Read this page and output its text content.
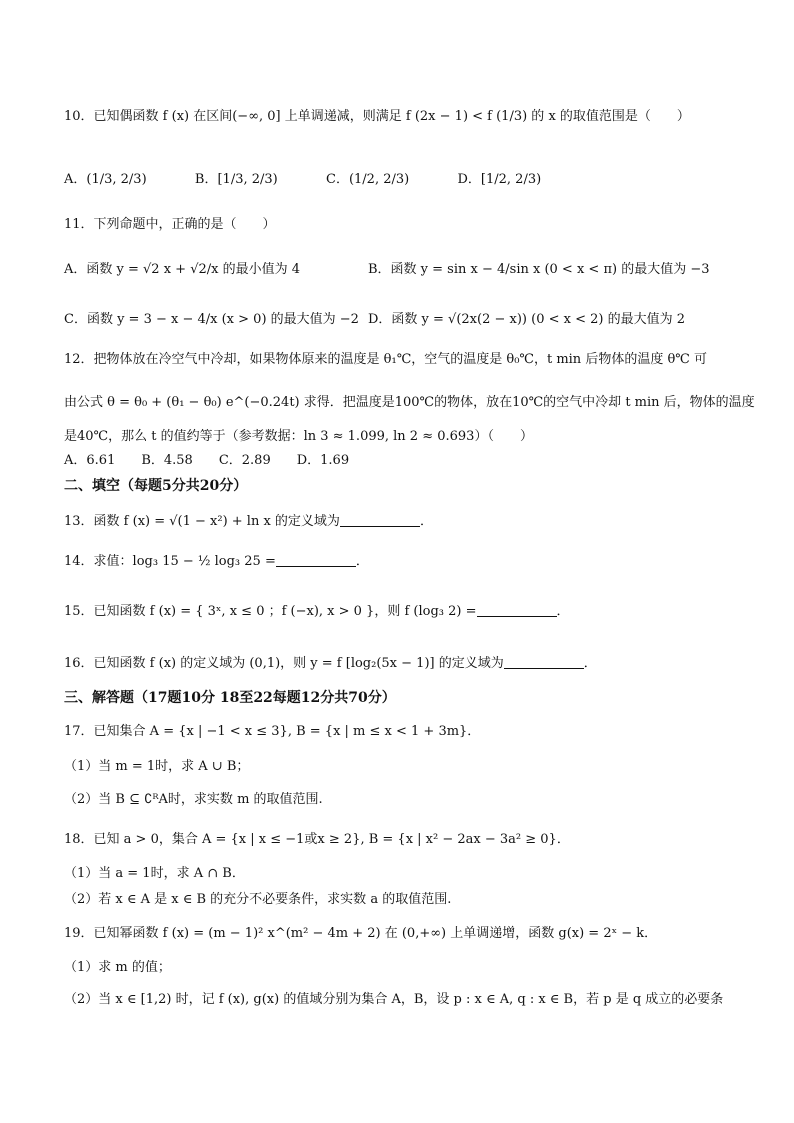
10．已知偶函数 f (x) 在区间(−∞, 0] 上单调递减，则满足 f (2x − 1) < f (1/3) 的 x 的取值范围是（　　）
A．(1/3, 2/3)	B．[1/3, 2/3)	C．(1/2, 2/3)	D．[1/2, 2/3)
11．下列命题中，正确的是（　　）
A．函数 y = √2 x + √2/x 的最小值为 4	B．函数 y = sin x − 4/sin x (0 < x < π) 的最大值为 −3
C．函数 y = 3 − x − 4/x (x > 0) 的最大值为 −2 D．函数 y = √(2x(2 − x)) (0 < x < 2) 的最大值为 2
12．把物体放在冷空气中冷却，如果物体原来的温度是 θ₁℃，空气的温度是 θ₀℃，t min 后物体的温度 θ℃ 可
由公式 θ = θ₀ + (θ₁ − θ₀) e^(−0.24t) 求得．把温度是100℃的物体，放在10℃的空气中冷却 t min 后，物体的温度
是40℃，那么 t 的值约等于（参考数据：ln 3 ≈ 1.099, ln 2 ≈ 0.693）（　　）
A．6.61　　B．4.58　　C．2.89　　D．1.69
二、填空（每题5分共20分）
13．函数 f (x) = √(1 − x²) + ln x 的定义域为	．
14．求值：log₃ 15 − ½ log₃ 25 =	．
15．已知函数 f (x) = { 3ˣ, x ≤ 0 ；f (−x), x > 0 }，则 f (log₃ 2) =	．
16．已知函数 f (x) 的定义域为 (0,1)，则 y = f [log₂(5x − 1)] 的定义域为	．
三、解答题（17题10分 18至22每题12分共70分）
17．已知集合 A = {x | −1 < x ≤ 3}, B = {x | m ≤ x < 1 + 3m}．
（1）当 m = 1时，求 A ∪ B；
（2）当 B ⊆ ∁ᴿA时，求实数 m 的取值范围.
18．已知 a > 0，集合 A = {x | x ≤ −1或x ≥ 2}, B = {x | x² − 2ax − 3a² ≥ 0}．
（1）当 a = 1时，求 A ∩ B．
（2）若 x ∈ A 是 x ∈ B 的充分不必要条件，求实数 a 的取值范围.
19．已知幂函数 f (x) = (m − 1)² x^(m² − 4m + 2) 在 (0,+∞) 上单调递增，函数 g(x) = 2ˣ − k．
（1）求 m 的值；
（2）当 x ∈ [1,2) 时，记 f (x), g(x) 的值域分别为集合 A，B，设 p : x ∈ A, q : x ∈ B，若 p 是 q 成立的必要条
